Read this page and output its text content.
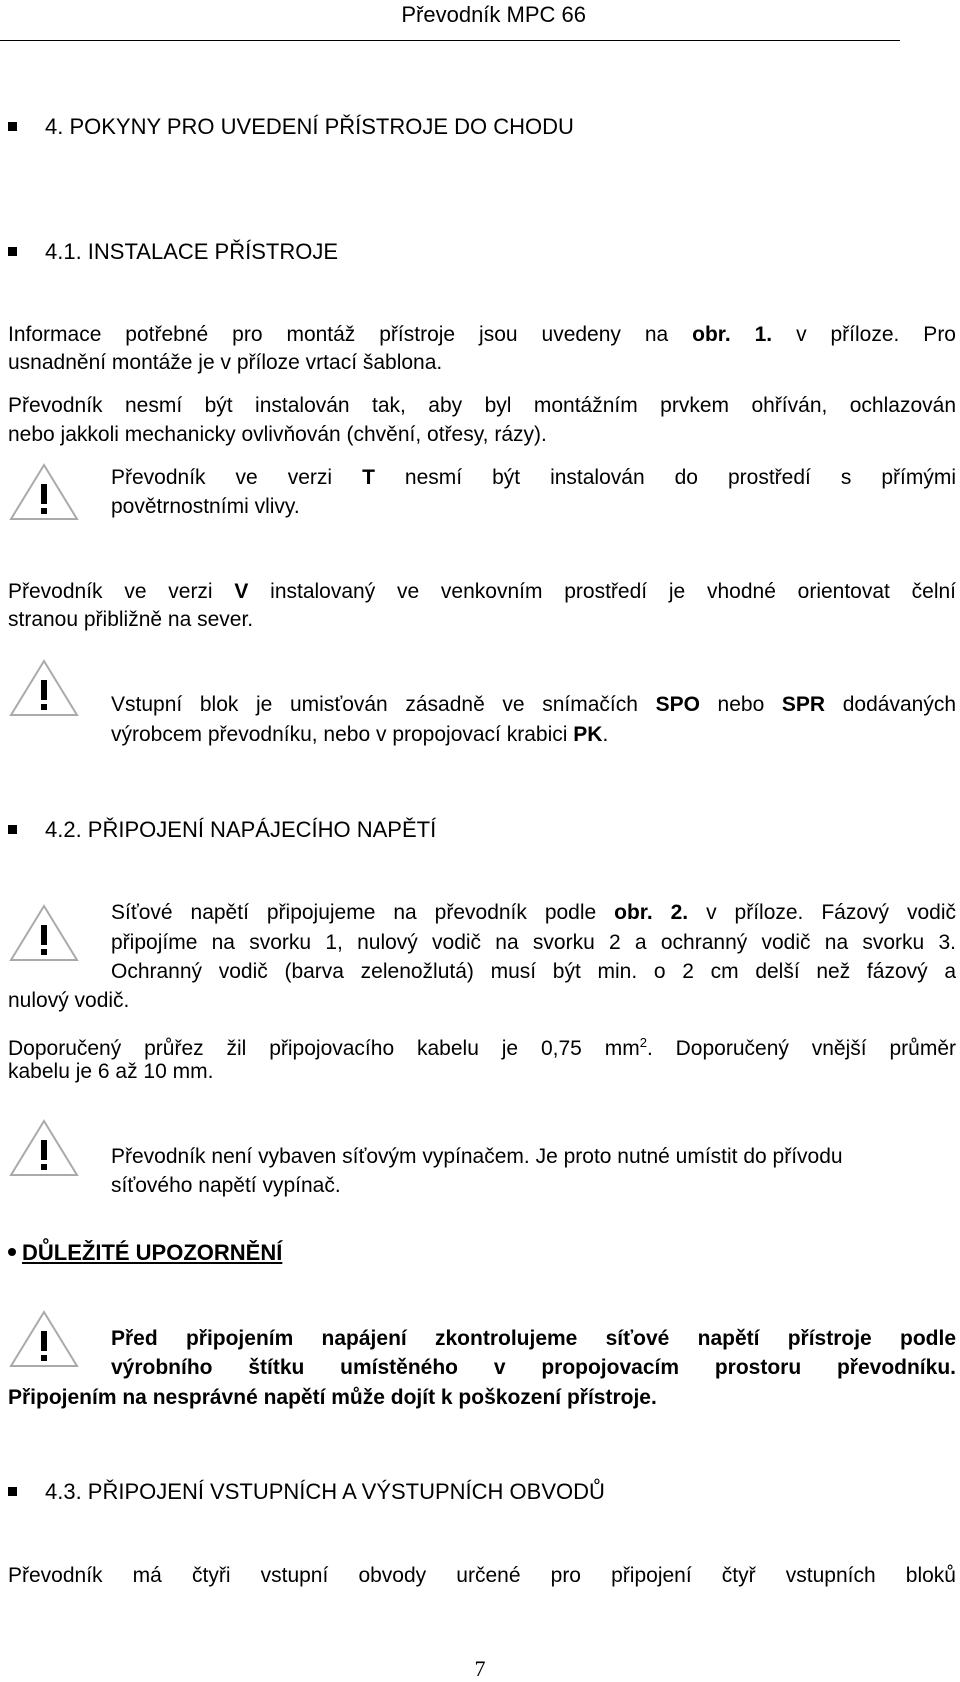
Převodník MPC 66
4. POKYNY PRO UVEDENÍ PŘÍSTROJE DO CHODU
4.1. INSTALACE PŘÍSTROJE
Informace potřebné pro montáž přístroje jsou uvedeny na obr. 1. v příloze. Pro
usnadnění montáže je v příloze vrtací šablona.
Převodník nesmí být instalován tak, aby byl montážním prvkem ohříván, ochlazován
nebo jakkoli mechanicky ovlivňován (chvění, otřesy, rázy).
Převodník ve verzi T nesmí být instalován do prostředí s přímými
povětrnostními vlivy.
Převodník ve verzi V instalovaný ve venkovním prostředí je vhodné orientovat čelní
stranou přibližně na sever.
Vstupní blok je umisťován zásadně ve snímačích SPO nebo SPR dodávaných
výrobcem převodníku, nebo v propojovací krabici PK.
4.2. PŘIPOJENÍ NAPÁJECÍHO NAPĚTÍ
Síťové napětí připojujeme na převodník podle obr. 2. v příloze. Fázový vodič
připojíme na svorku 1, nulový vodič na svorku 2 a ochranný vodič na svorku 3.
Ochranný vodič (barva zelenožlutá) musí být min. o 2 cm delší než fázový a
nulový vodič.
Doporučený průřez žil připojovacího kabelu je 0,75 $mm^2$. Doporučený vnější průměr
kabelu je 6 až 10 mm.
Převodník není vybaven síťovým vypínačem. Je proto nutné umístit do přívodu
síťového napětí vypínač.
DŮLEŽITÉ UPOZORNĚNÍ
Před připojením napájení zkontrolujeme síťové napětí přístroje podle
výrobního štítku umístěného v propojovacím prostoru převodníku.
Připojením na nesprávné napětí může dojít k poškození přístroje.
4.3. PŘIPOJENÍ VSTUPNÍCH A VÝSTUPNÍCH OBVODŮ
Převodník má čtyři vstupní obvody určené pro připojení čtyř vstupních bloků
7
